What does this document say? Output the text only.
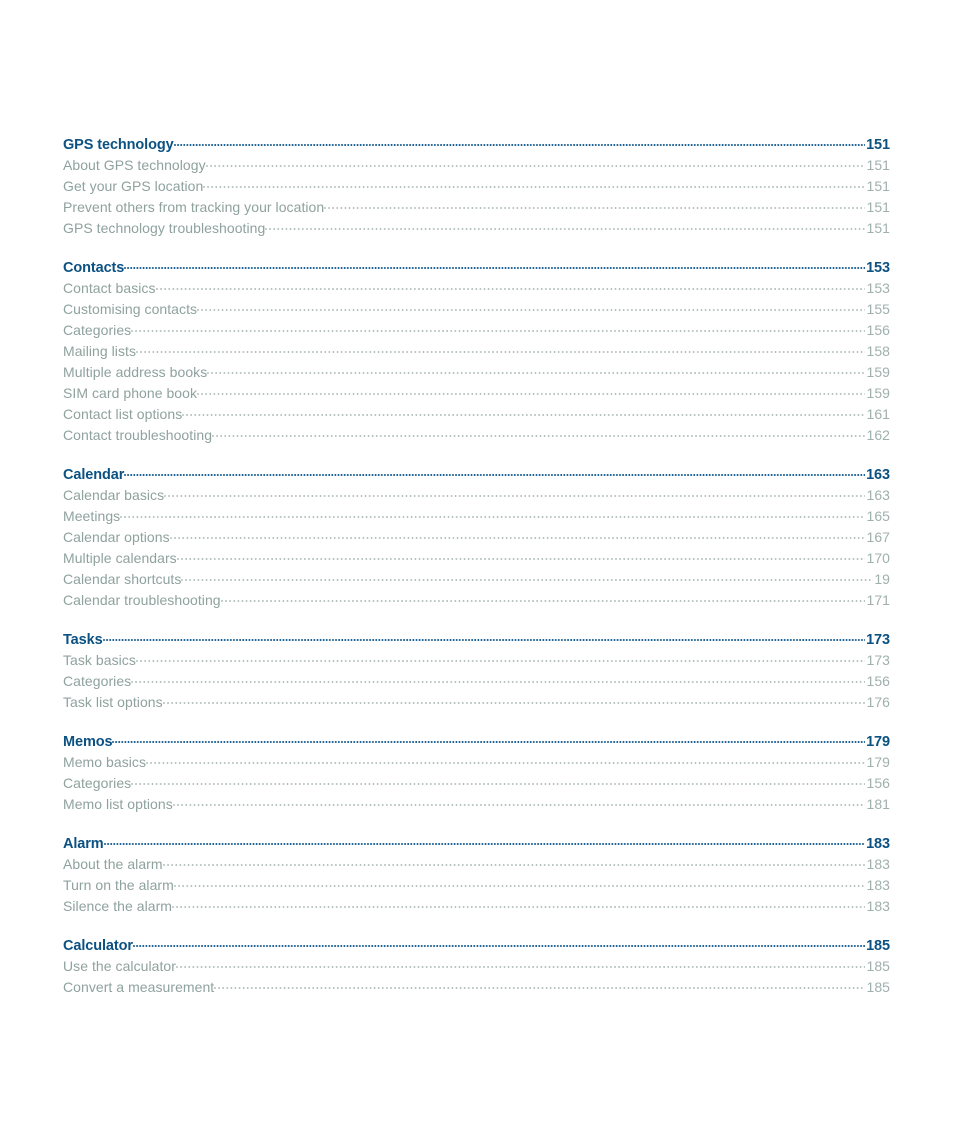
GPS technology	151
About GPS technology	151
Get your GPS location	151
Prevent others from tracking your location	151
GPS technology troubleshooting	151
Contacts	153
Contact basics	153
Customising contacts	155
Categories	156
Mailing lists	158
Multiple address books	159
SIM card phone book	159
Contact list options	161
Contact troubleshooting	162
Calendar	163
Calendar basics	163
Meetings	165
Calendar options	167
Multiple calendars	170
Calendar shortcuts	19
Calendar troubleshooting	171
Tasks	173
Task basics	173
Categories	156
Task list options	176
Memos	179
Memo basics	179
Categories	156
Memo list options	181
Alarm	183
About the alarm	183
Turn on the alarm	183
Silence the alarm	183
Calculator	185
Use the calculator	185
Convert a measurement	185
